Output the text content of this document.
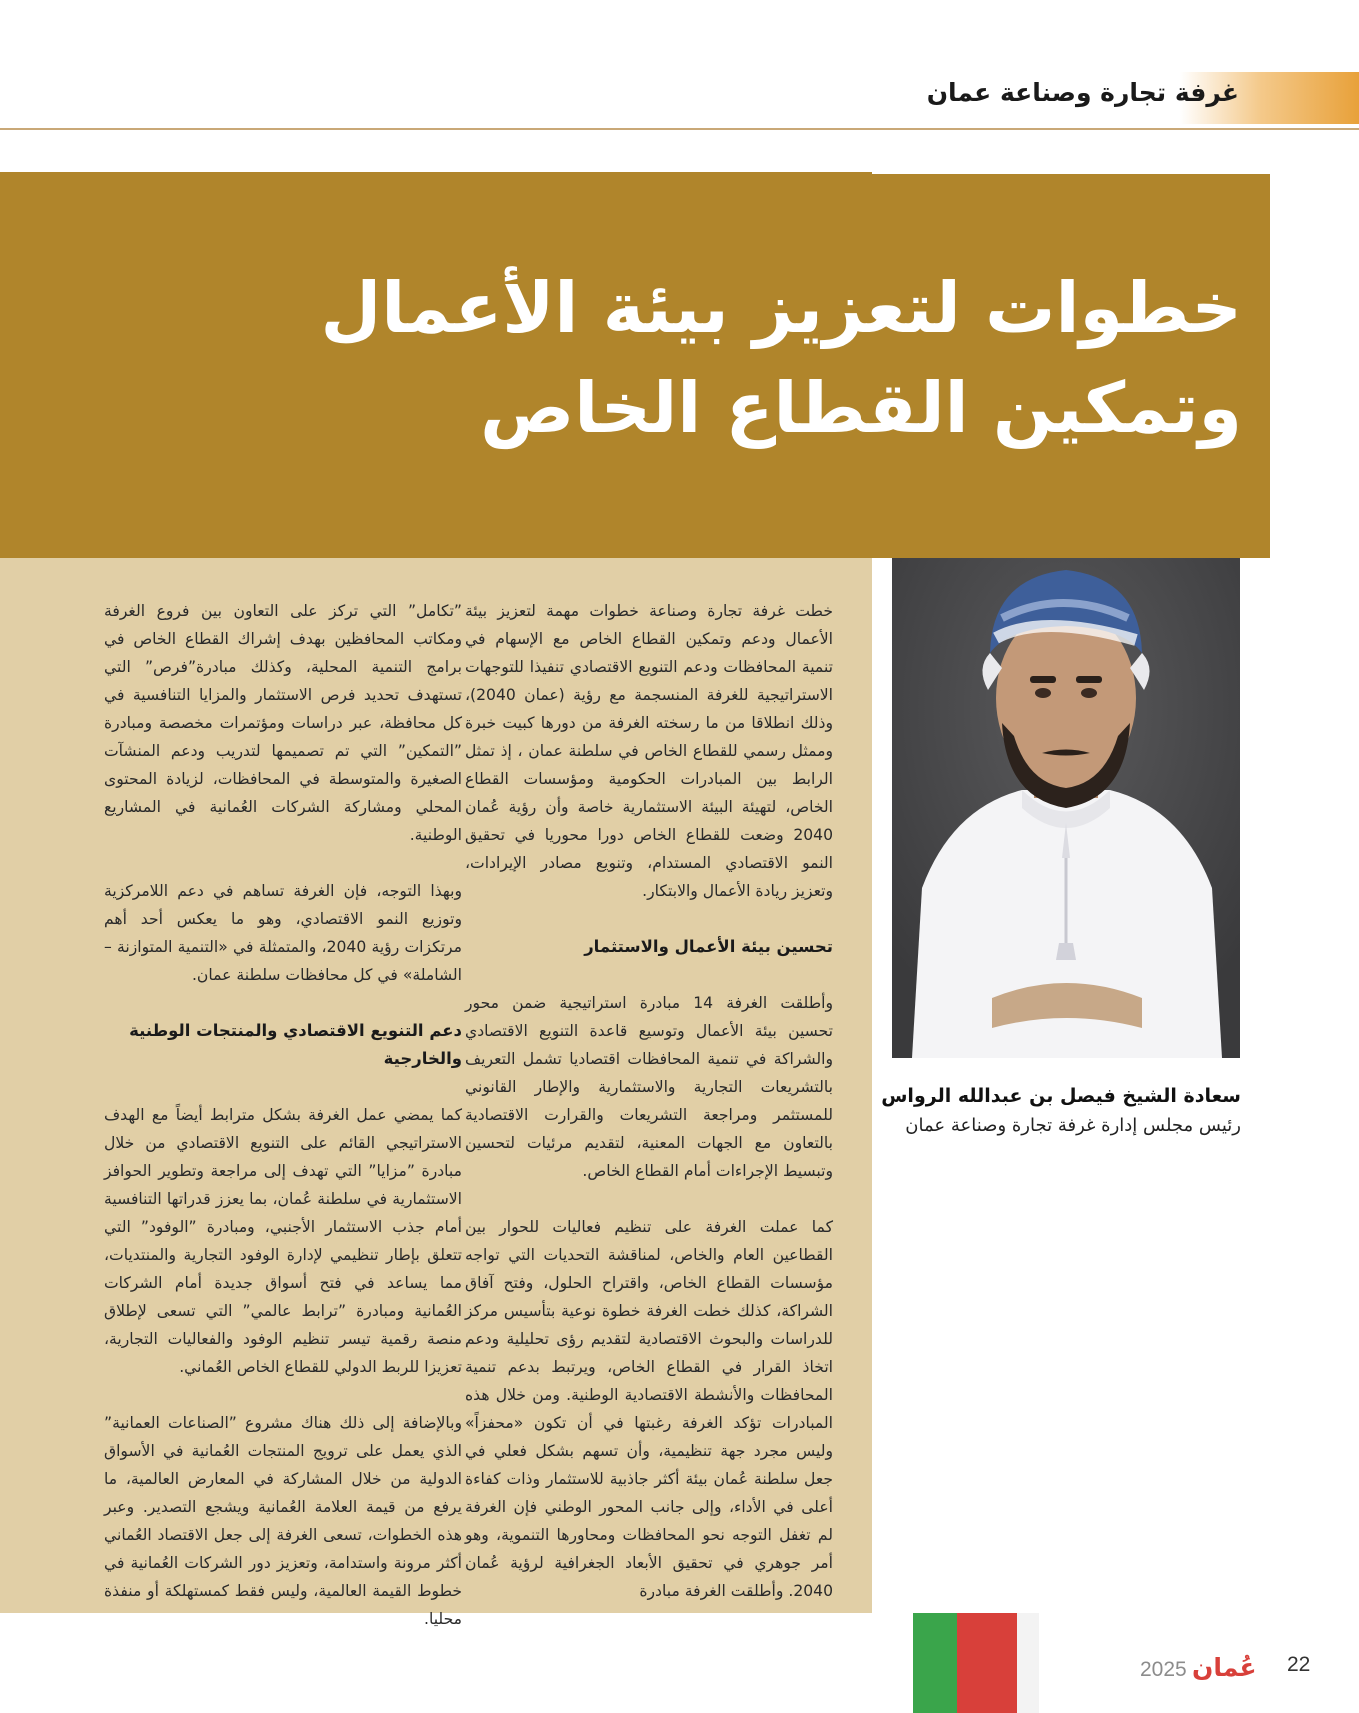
غرفة تجارة وصناعة عمان
خطوات لتعزيز بيئة الأعمال
وتمكين القطاع الخاص
سعادة الشيخ فيصل بن عبدالله الرواس
رئيس مجلس إدارة غرفة تجارة وصناعة عمان

خطت غرفة تجارة وصناعة خطوات مهمة لتعزيز بيئة الأعمال ودعم وتمكين القطاع الخاص مع الإسهام في تنمية المحافظات ودعم التنويع الاقتصادي تنفيذا للتوجهات الاستراتيجية للغرفة المنسجمة مع رؤية (عمان 2040)، وذلك انطلاقا من ما رسخته الغرفة من دورها كبيت خبرة وممثل رسمي للقطاع الخاص في سلطنة عمان ، إذ تمثل الرابط بين المبادرات الحكومية ومؤسسات القطاع الخاص، لتهيئة البيئة الاستثمارية خاصة وأن رؤية عُمان 2040 وضعت للقطاع الخاص دورا محوريا في تحقيق النمو الاقتصادي المستدام، وتنويع مصادر الإيرادات، وتعزيز ريادة الأعمال والابتكار.

تحسين بيئة الأعمال والاستثمار

وأطلقت الغرفة 14 مبادرة استراتيجية ضمن محور تحسين بيئة الأعمال وتوسيع قاعدة التنويع الاقتصادي والشراكة في تنمية المحافظات اقتصاديا تشمل التعريف بالتشريعات التجارية والاستثمارية والإطار القانوني للمستثمر ومراجعة التشريعات والقرارت الاقتصادية بالتعاون مع الجهات المعنية، لتقديم مرئيات لتحسين وتبسيط الإجراءات أمام القطاع الخاص.

كما عملت الغرفة على تنظيم فعاليات للحوار بين القطاعين العام والخاص، لمناقشة التحديات التي تواجه مؤسسات القطاع الخاص، واقتراح الحلول، وفتح آفاق الشراكة، كذلك خطت الغرفة خطوة نوعية بتأسيس مركز للدراسات والبحوث الاقتصادية لتقديم رؤى تحليلية ودعم اتخاذ القرار في القطاع الخاص، ويرتبط بدعم تنمية المحافظات والأنشطة الاقتصادية الوطنية. ومن خلال هذه المبادرات تؤكد الغرفة رغبتها في أن تكون «محفزاً» وليس مجرد جهة تنظيمية، وأن تسهم بشكل فعلي في جعل سلطنة عُمان بيئة أكثر جاذبية للاستثمار وذات كفاءة أعلى في الأداء، وإلى جانب المحور الوطني فإن الغرفة لم تغفل التوجه نحو المحافظات ومحاورها التنموية، وهو أمر جوهري في تحقيق الأبعاد الجغرافية لرؤية عُمان 2040. وأطلقت الغرفة مبادرة

”تكامل” التي تركز على التعاون بين فروع الغرفة ومكاتب المحافظين بهدف إشراك القطاع الخاص في برامج التنمية المحلية، وكذلك مبادرة”فرص” التي تستهدف تحديد فرص الاستثمار والمزايا التنافسية في كل محافظة، عبر دراسات ومؤتمرات مخصصة ومبادرة ”التمكين” التي تم تصميمها لتدريب ودعم المنشآت الصغيرة والمتوسطة في المحافظات، لزيادة المحتوى المحلي ومشاركة الشركات العُمانية في المشاريع الوطنية.

وبهذا التوجه، فإن الغرفة تساهم في دعم اللامركزية وتوزيع النمو الاقتصادي، وهو ما يعكس أحد أهم مرتكزات رؤية 2040، والمتمثلة في «التنمية المتوازنة – الشاملة» في كل محافظات سلطنة عمان.

دعم التنويع الاقتصادي والمنتجات الوطنية والخارجية

كما يمضي عمل الغرفة بشكل مترابط أيضاً مع الهدف الاستراتيجي القائم على التنويع الاقتصادي من خلال مبادرة ”مزايا” التي تهدف إلى مراجعة وتطوير الحوافز الاستثمارية في سلطنة عُمان، بما يعزز قدراتها التنافسية أمام جذب الاستثمار الأجنبي، ومبادرة ”الوفود” التي تتعلق بإطار تنظيمي لإدارة الوفود التجارية والمنتديات، مما يساعد في فتح أسواق جديدة أمام الشركات العُمانية ومبادرة ”ترابط عالمي” التي تسعى لإطلاق منصة رقمية تيسر تنظيم الوفود والفعاليات التجارية، تعزيزا للربط الدولي للقطاع الخاص العُماني.

وبالإضافة إلى ذلك هناك مشروع ”الصناعات العمانية” الذي يعمل على ترويج المنتجات العُمانية في الأسواق الدولية من خلال المشاركة في المعارض العالمية، ما يرفع من قيمة العلامة العُمانية ويشجع التصدير. وعبر هذه الخطوات، تسعى الغرفة إلى جعل الاقتصاد العُماني أكثر مرونة واستدامة، وتعزيز دور الشركات العُمانية في خطوط القيمة العالمية، وليس فقط كمستهلكة أو منفذة محليا.

2025 عُمان 22
